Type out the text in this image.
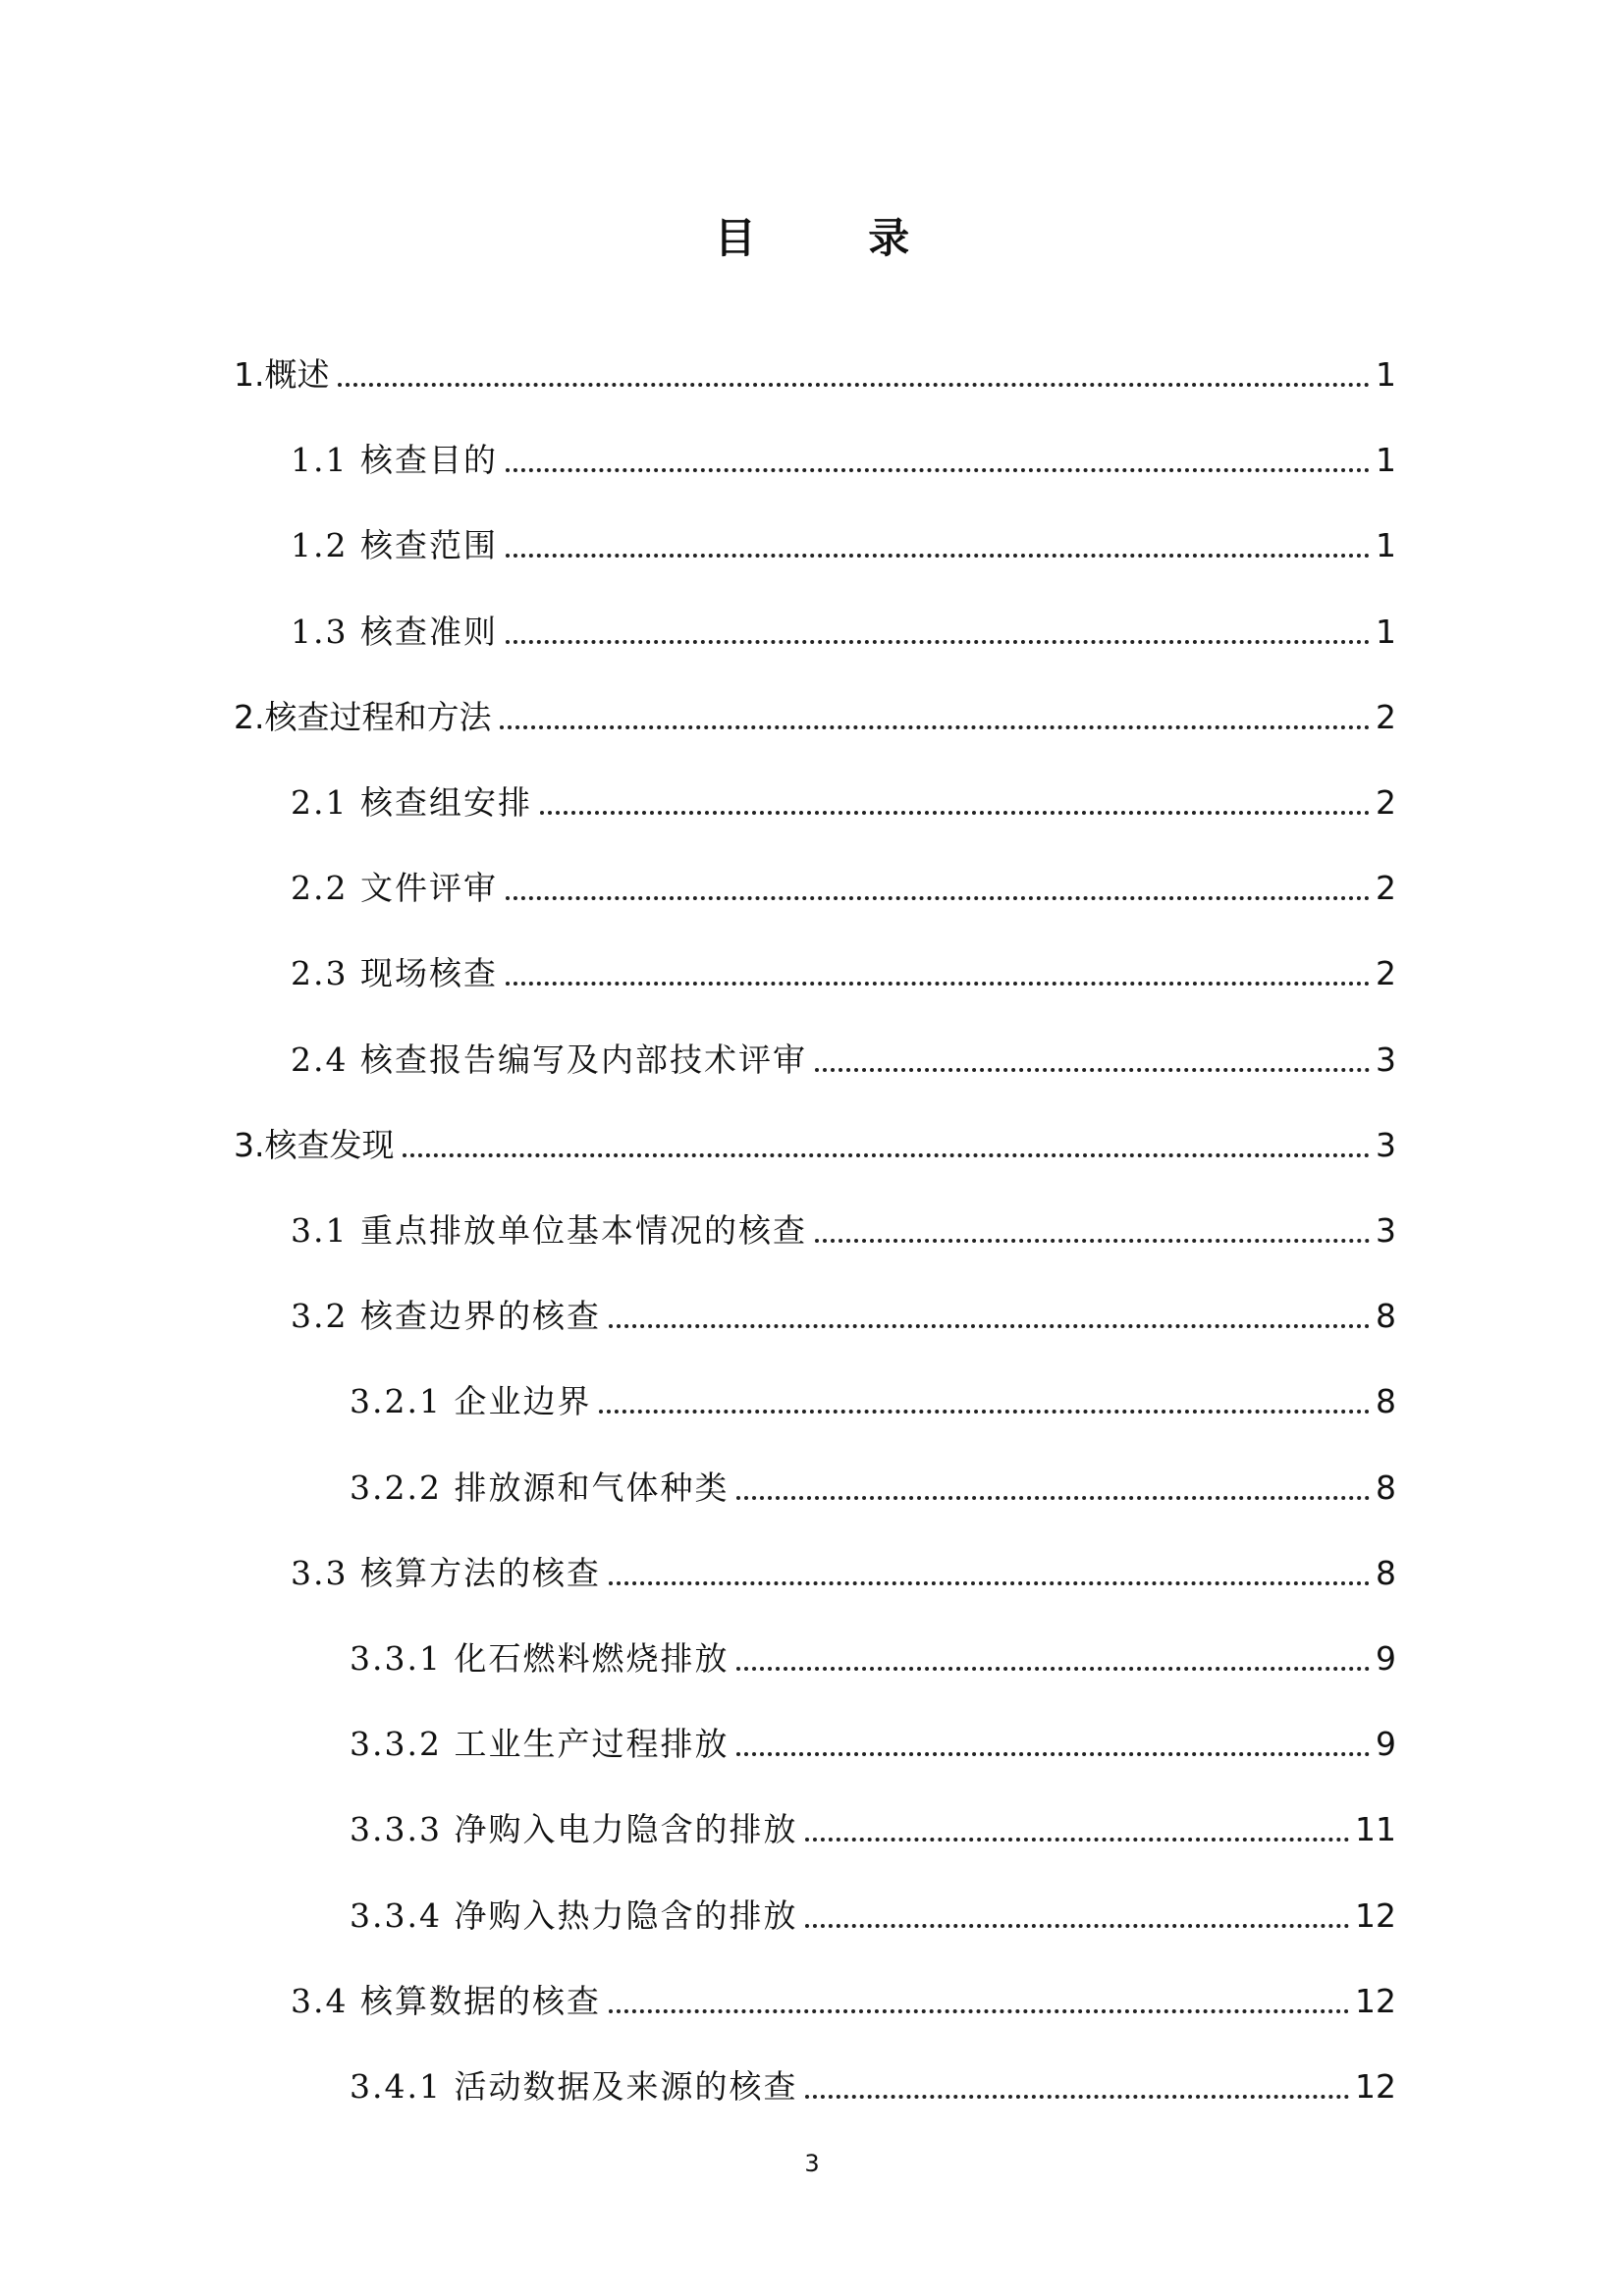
目 录
1.概述	1
1.1 核查目的	1
1.2 核查范围	1
1.3 核查准则	1
2.核查过程和方法	2
2.1 核查组安排	2
2.2 文件评审	2
2.3 现场核查	2
2.4 核查报告编写及内部技术评审	3
3.核查发现	3
3.1 重点排放单位基本情况的核查	3
3.2 核查边界的核查	8
3.2.1 企业边界	8
3.2.2 排放源和气体种类	8
3.3 核算方法的核查	8
3.3.1 化石燃料燃烧排放	9
3.3.2 工业生产过程排放	9
3.3.3 净购入电力隐含的排放	11
3.3.4 净购入热力隐含的排放	12
3.4 核算数据的核查	12
3.4.1 活动数据及来源的核查	12
3
